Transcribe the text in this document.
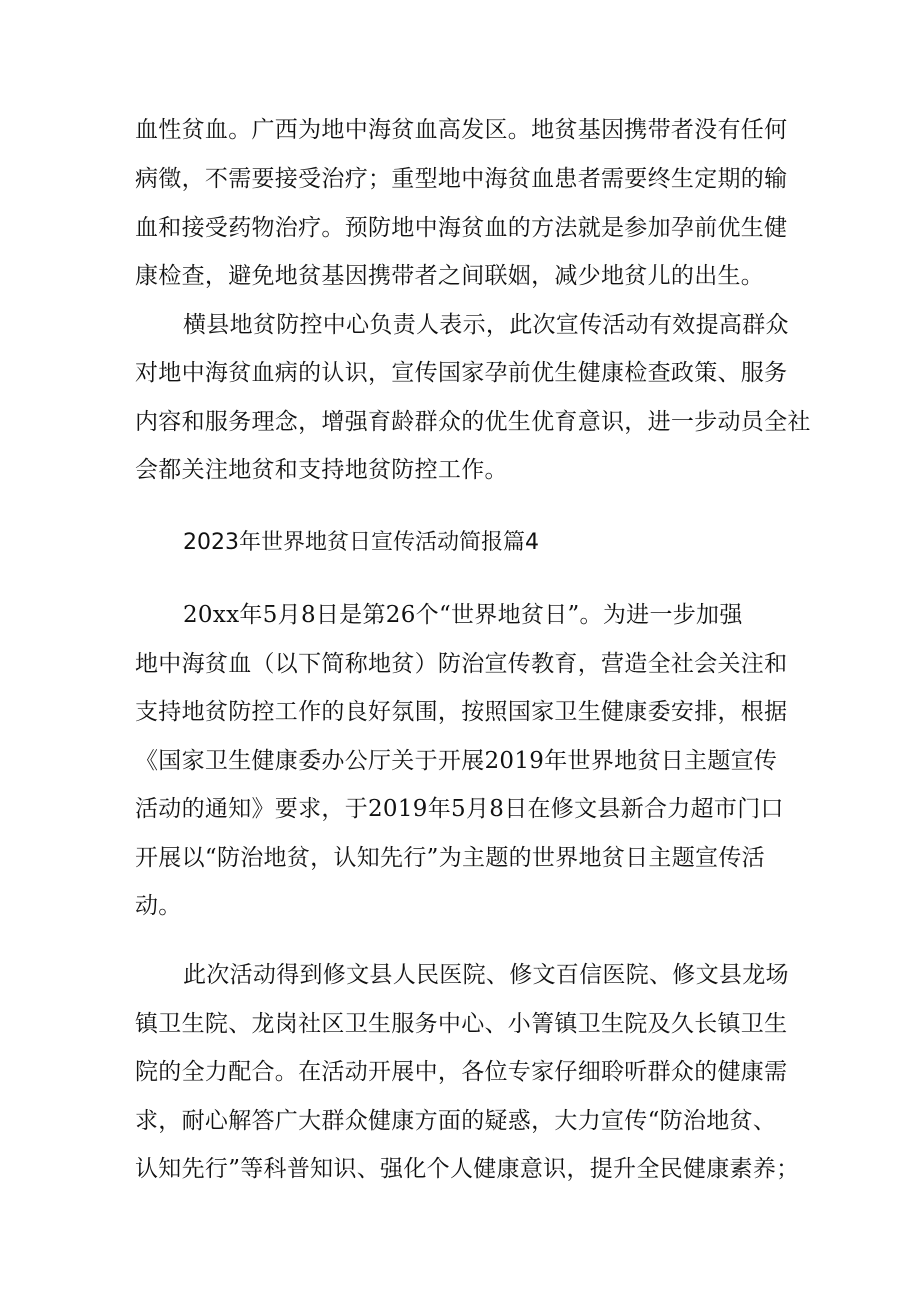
血性贫血。广西为地中海贫血高发区。地贫基因携带者没有任何
病徵，不需要接受治疗；重型地中海贫血患者需要终生定期的输
血和接受药物治疗。预防地中海贫血的方法就是参加孕前优生健
康检查，避免地贫基因携带者之间联姻，减少地贫儿的出生。
横县地贫防控中心负责人表示，此次宣传活动有效提高群众
对地中海贫血病的认识，宣传国家孕前优生健康检查政策、服务
内容和服务理念，增强育龄群众的优生优育意识，进一步动员全社
会都关注地贫和支持地贫防控工作。
2023年世界地贫日宣传活动简报篇4
20xx年5月8日是第26个“世界地贫日”。为进一步加强
地中海贫血（以下简称地贫）防治宣传教育，营造全社会关注和
支持地贫防控工作的良好氛围，按照国家卫生健康委安排，根据
《国家卫生健康委办公厅关于开展2019年世界地贫日主题宣传
活动的通知》要求，于2019年5月8日在修文县新合力超市门口
开展以“防治地贫，认知先行”为主题的世界地贫日主题宣传活
动。
此次活动得到修文县人民医院、修文百信医院、修文县龙场
镇卫生院、龙岗社区卫生服务中心、小箐镇卫生院及久长镇卫生
院的全力配合。在活动开展中，各位专家仔细聆听群众的健康需
求，耐心解答广大群众健康方面的疑惑，大力宣传“防治地贫、
认知先行”等科普知识、强化个人健康意识，提升全民健康素养；
